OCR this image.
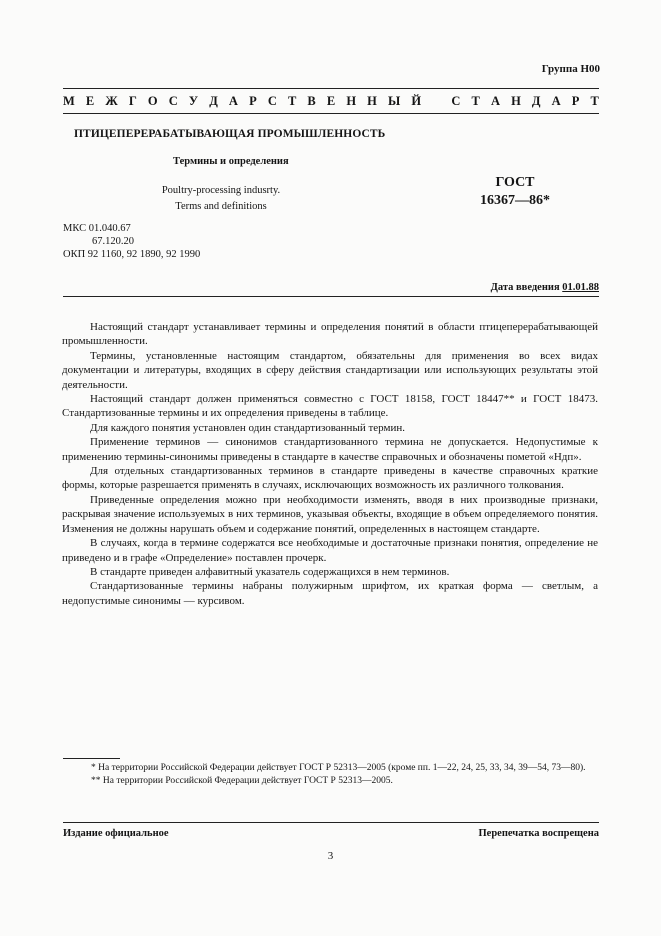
Группа Н00
М Е Ж Г О С У Д А Р С Т В Е Н Н Ы Й С Т А Н Д А Р Т
ПТИЦЕПЕРЕРАБАТЫВАЮЩАЯ ПРОМЫШЛЕННОСТЬ
Термины и определения
Poultry-processing indusrty.
Terms and definitions
ГОСТ
16367—86*
МКС 01.040.67
67.120.20
ОКП 92 1160, 92 1890, 92 1990
Дата введения 01.01.88

Настоящий стандарт устанавливает термины и определения понятий в области птицеперерабатывающей промышленности.

Термины, установленные настоящим стандартом, обязательны для применения во всех видах документации и литературы, входящих в сферу действия стандартизации или использующих результаты этой деятельности.

Настоящий стандарт должен применяться совместно с ГОСТ 18158, ГОСТ 18447** и ГОСТ 18473. Стандартизованные термины и их определения приведены в таблице.

Для каждого понятия установлен один стандартизованный термин.

Применение терминов — синонимов стандартизованного термина не допускается. Недопустимые к применению термины-синонимы приведены в стандарте в качестве справочных и обозначены пометой «Ндп».

Для отдельных стандартизованных терминов в стандарте приведены в качестве справочных краткие формы, которые разрешается применять в случаях, исключающих возможность их различного толкования.

Приведенные определения можно при необходимости изменять, вводя в них производные признаки, раскрывая значение используемых в них терминов, указывая объекты, входящие в объем определяемого понятия. Изменения не должны нарушать объем и содержание понятий, определенных в настоящем стандарте.

В случаях, когда в термине содержатся все необходимые и достаточные признаки понятия, определение не приведено и в графе «Определение» поставлен прочерк.

В стандарте приведен алфавитный указатель содержащихся в нем терминов.

Стандартизованные термины набраны полужирным шрифтом, их краткая форма — светлым, а недопустимые синонимы — курсивом.

* На территории Российской Федерации действует ГОСТ Р 52313—2005 (кроме пп. 1—22, 24, 25, 33, 34, 39—54, 73—80).

** На территории Российской Федерации действует ГОСТ Р 52313—2005.

Издание официальное	Перепечатка воспрещена
3
